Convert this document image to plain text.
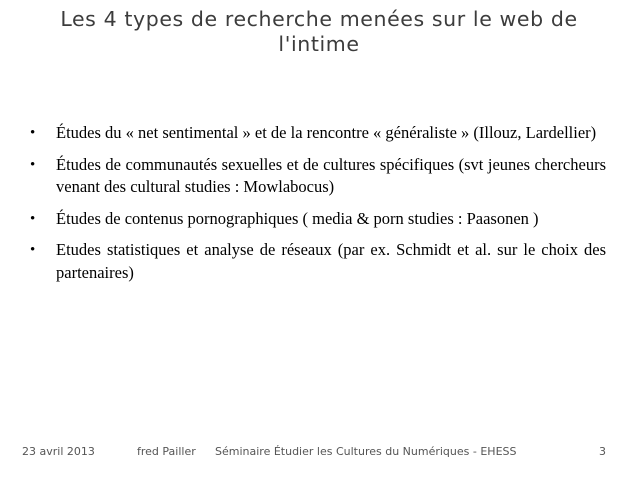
Les 4 types de recherche menées sur le web de l'intime
• Études du « net sentimental » et de la rencontre « généraliste » (Illouz, Lardellier)
• Études de communautés sexuelles et de cultures spécifiques (svt jeunes chercheurs venant des cultural studies : Mowlabocus)
• Études de contenus pornographiques ( media & porn studies : Paasonen )
• Etudes statistiques et analyse de réseaux (par ex. Schmidt et al. sur le choix des partenaires)
23 avril 2013	fred Pailler Séminaire Étudier les Cultures du Numériques - EHESS	3
